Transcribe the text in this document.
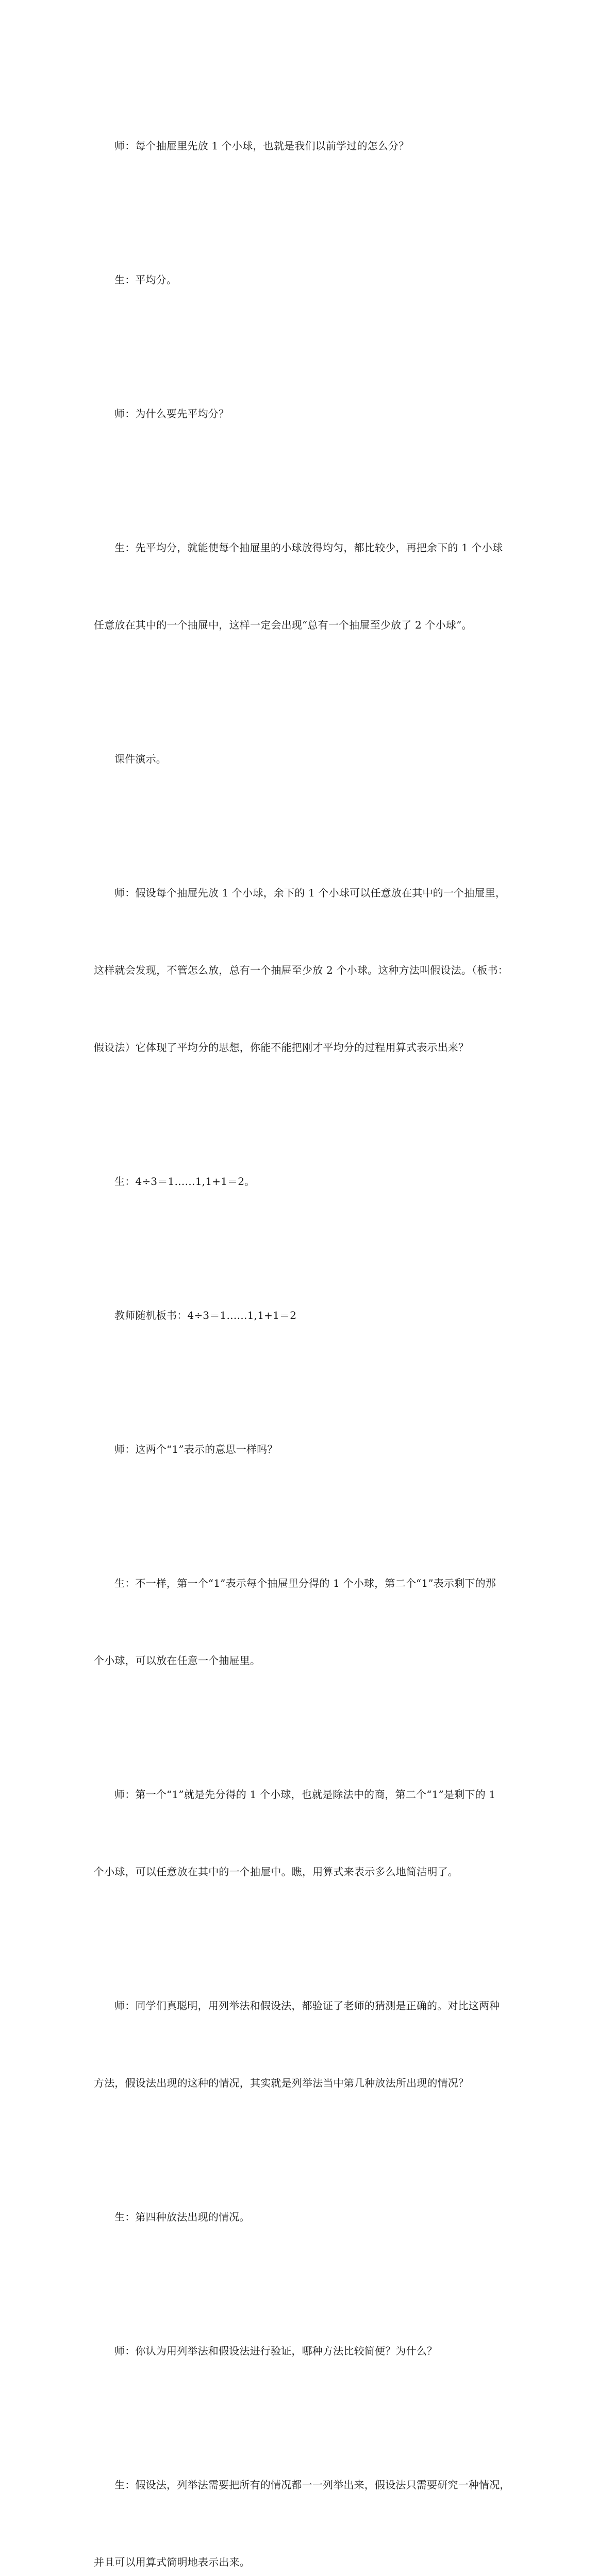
师：每个抽屉里先放 1 个小球，也就是我们以前学过的怎么分？

生：平均分。

师：为什么要先平均分？

生：先平均分，就能使每个抽屉里的小球放得均匀，都比较少，再把余下的 1 个小球

任意放在其中的一个抽屉中，这样一定会出现“总有一个抽屉至少放了 2 个小球”。

课件演示。

师：假设每个抽屉先放 1 个小球，余下的 1 个小球可以任意放在其中的一个抽屉里，

这样就会发现，不管怎么放，总有一个抽屉至少放 2 个小球。这种方法叫假设法。（板书：

假设法）它体现了平均分的思想，你能不能把刚才平均分的过程用算式表示出来？

生：4÷3＝1……1,1+1＝2。

教师随机板书：4÷3＝1……1,1+1＝2

师：这两个“1”表示的意思一样吗？

生：不一样，第一个“1”表示每个抽屉里分得的 1 个小球，第二个“1”表示剩下的那

个小球，可以放在任意一个抽屉里。

师：第一个“1”就是先分得的 1 个小球，也就是除法中的商，第二个“1”是剩下的 1

个小球，可以任意放在其中的一个抽屉中。瞧，用算式来表示多么地简洁明了。

师：同学们真聪明，用列举法和假设法，都验证了老师的猜测是正确的。对比这两种

方法，假设法出现的这种的情况，其实就是列举法当中第几种放法所出现的情况？

生：第四种放法出现的情况。

师：你认为用列举法和假设法进行验证，哪种方法比较简便？为什么？

生：假设法，列举法需要把所有的情况都一一列举出来，假设法只需要研究一种情况，

并且可以用算式简明地表示出来。
